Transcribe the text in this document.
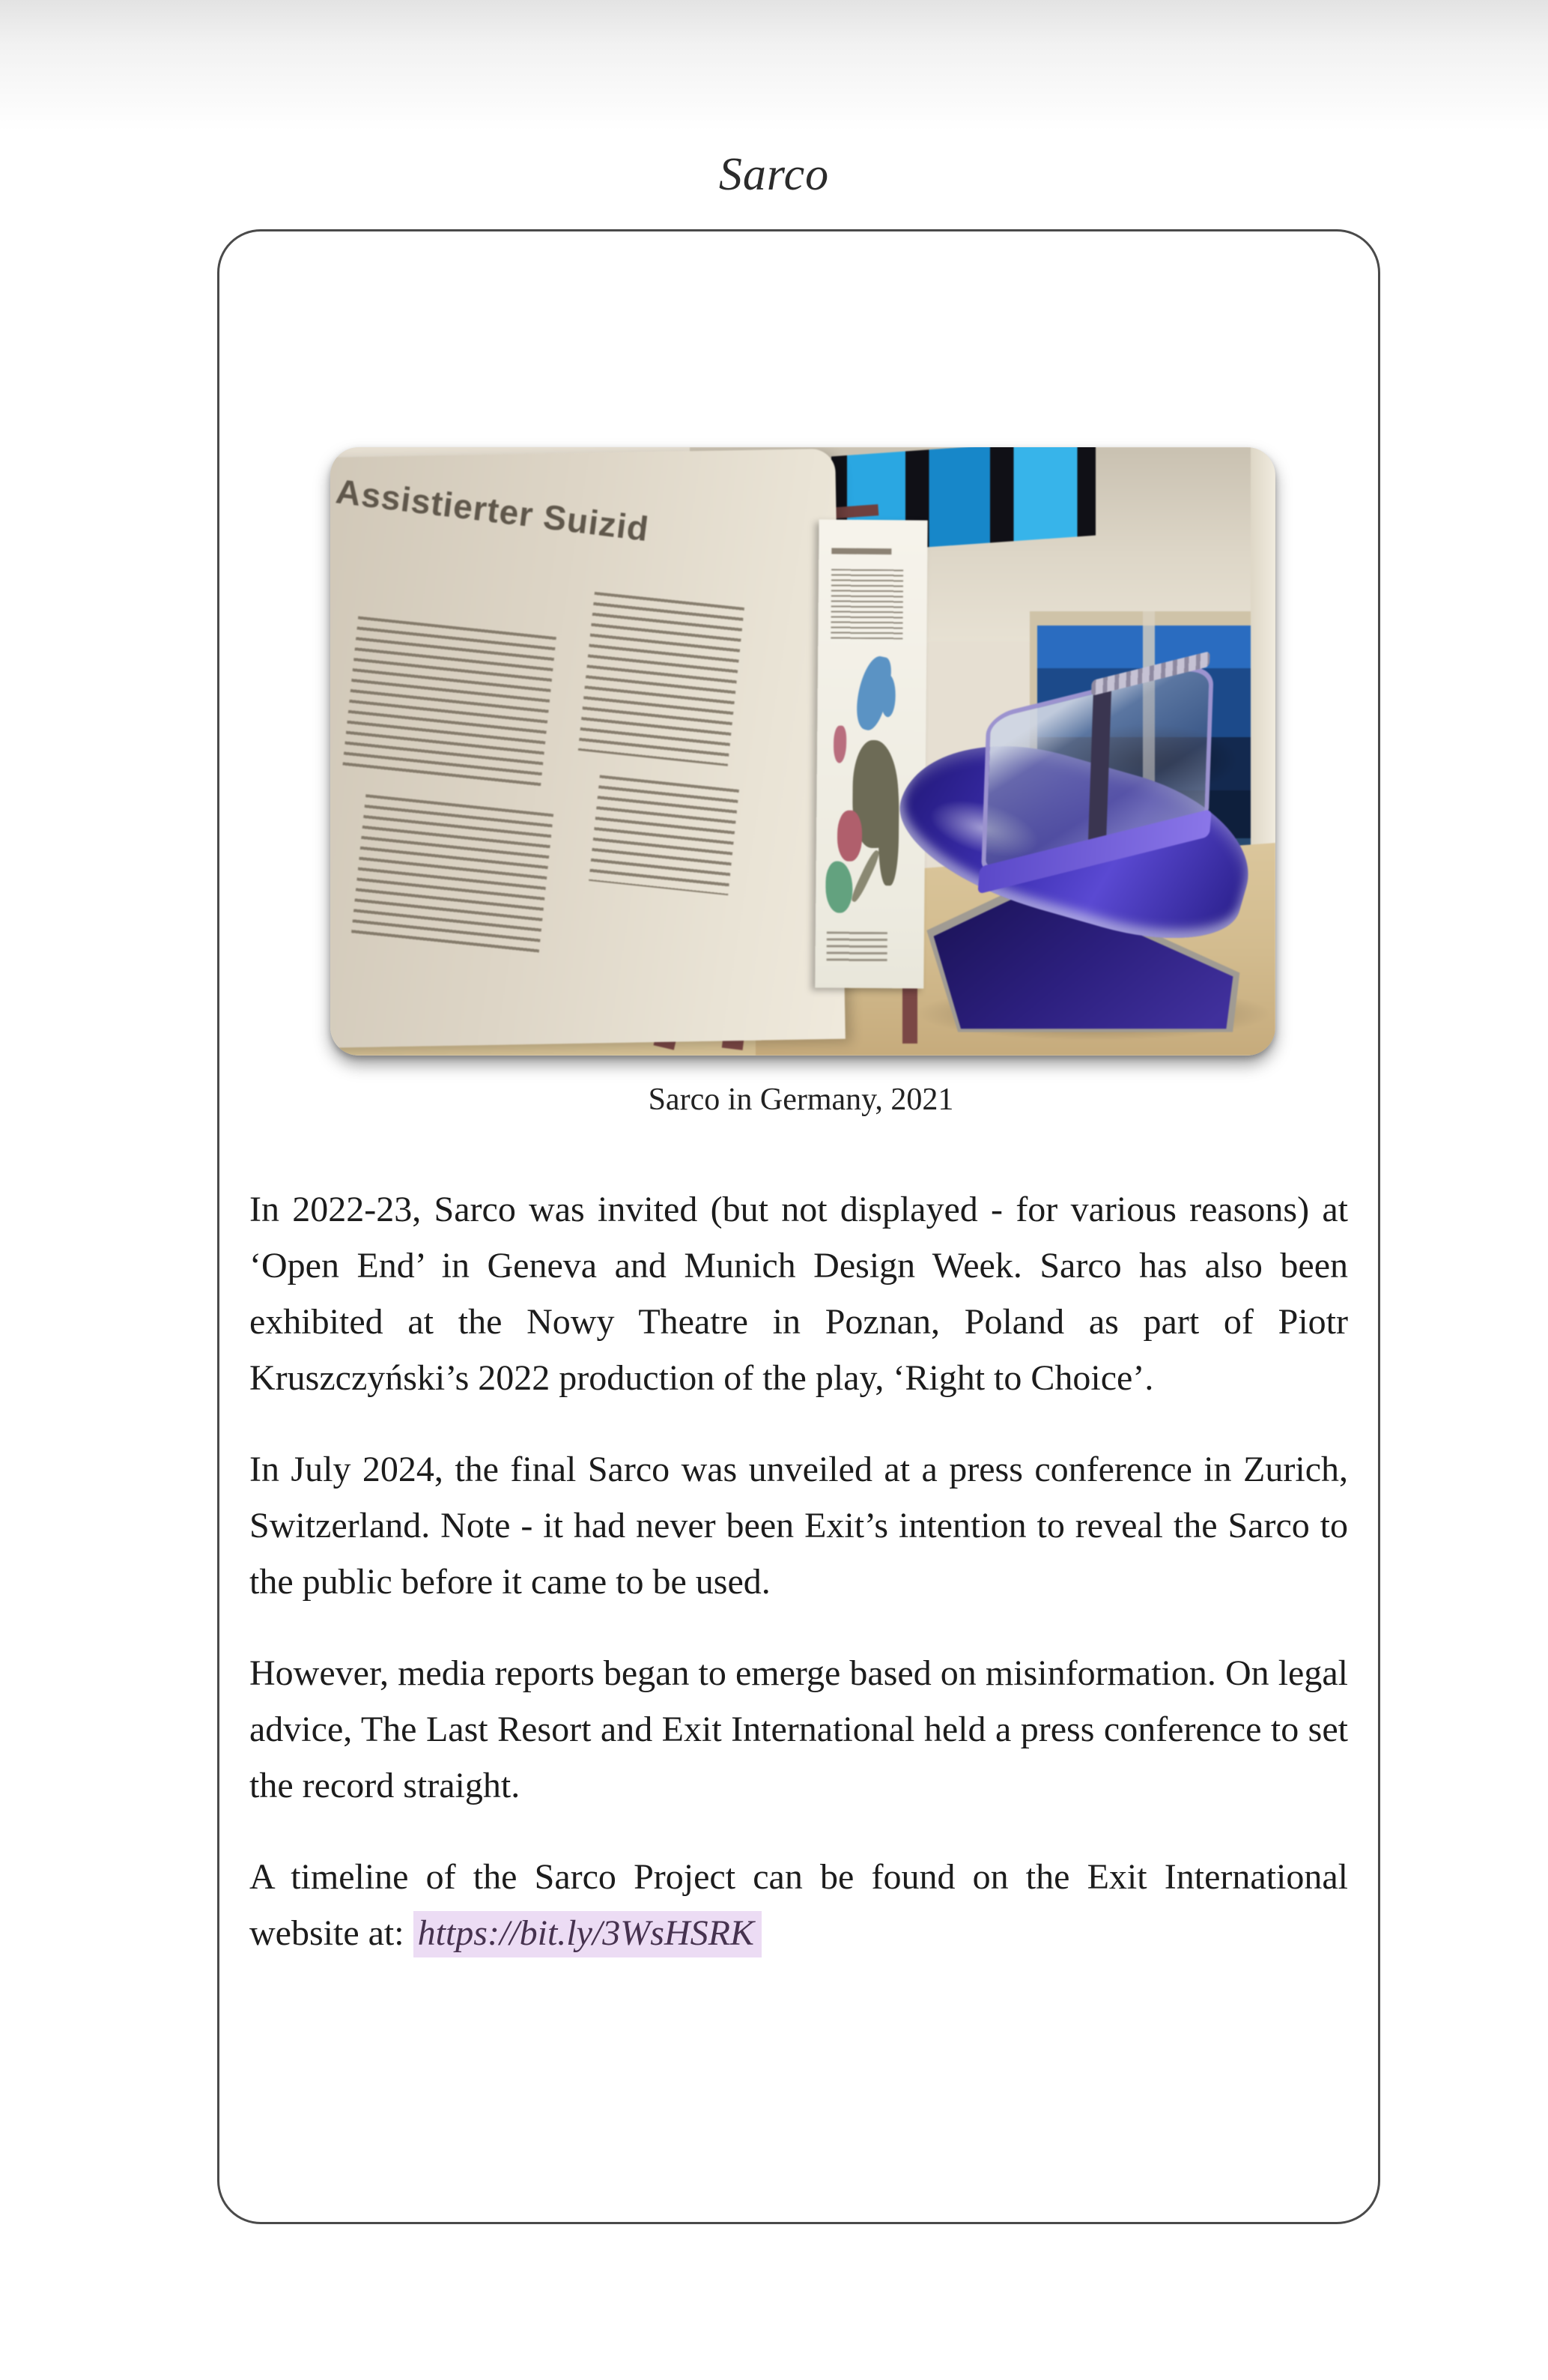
Sarco
Assistierter Suizid
Sarco in Germany, 2021

In 2022-23, Sarco was invited (but not displayed - for various reasons) at ‘Open End’ in Geneva and Munich Design Week. Sarco has also been exhibited at the Nowy Theatre in Poznan, Poland as part of Piotr Kruszczyński’s 2022 production of the play, ‘Right to Choice’.

In July 2024, the final Sarco was unveiled at a press conference in Zurich, Switzerland. Note - it had never been Exit’s intention to reveal the Sarco to the public before it came to be used.

However, media reports began to emerge based on misinformation. On legal advice, The Last Resort and Exit International held a press conference to set the record straight.

A timeline of the Sarco Project can be found on the Exit International website at: https://bit.ly/3WsHSRK
